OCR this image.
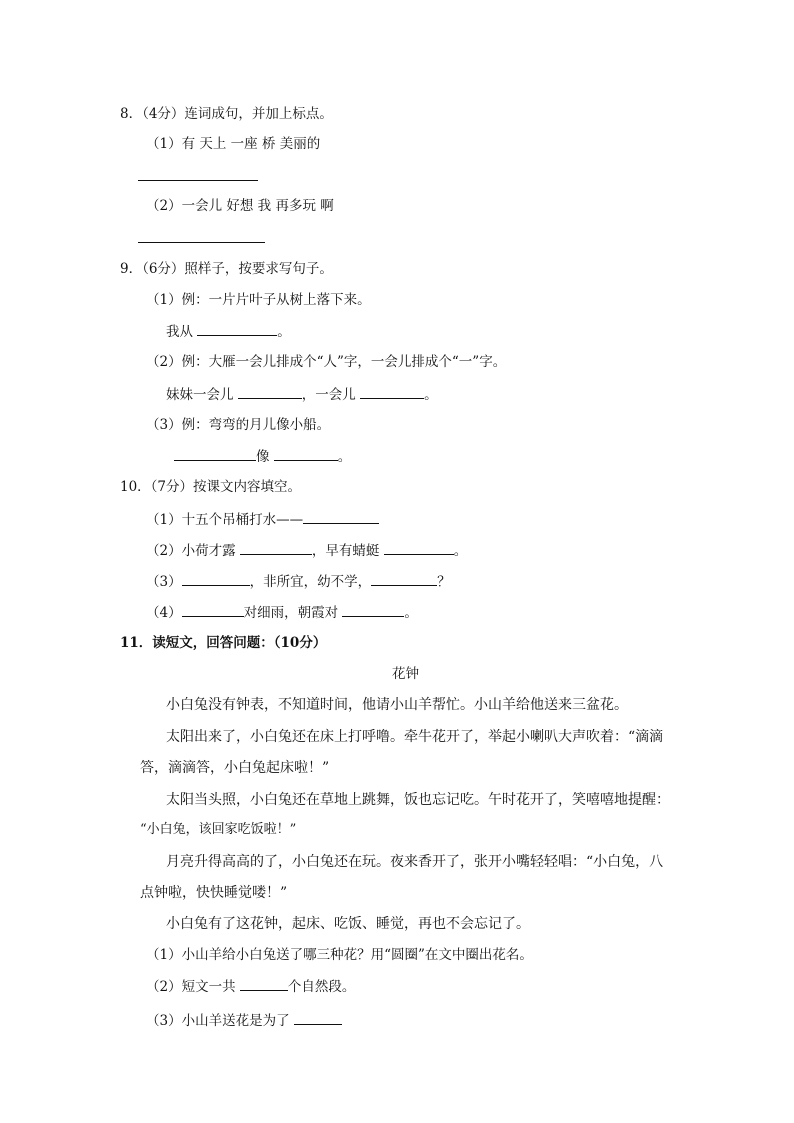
8．（4分）连词成句，并加上标点。
（1）有 天上 一座 桥 美丽的
（2）一会儿 好想 我 再多玩 啊
9．（6分）照样子，按要求写句子。
（1）例：一片片叶子从树上落下来。
我从	。
（2）例：大雁一会儿排成个“人”字，一会儿排成个“一”字。
妹妹一会儿	，一会儿	。
（3）例：弯弯的月儿像小船。
像	。
10．（7分）按课文内容填空。
（1）十五个吊桶打水——
（2）小荷才露	，早有蜻蜓	。
（3）	，非所宜，幼不学，	？
（4）	对细雨，朝霞对	。
11．读短文，回答问题：（10分）
花钟
小白兔没有钟表，不知道时间，他请小山羊帮忙。小山羊给他送来三盆花。
太阳出来了，小白兔还在床上打呼噜。牵牛花开了，举起小喇叭大声吹着：“滴滴
答，滴滴答，小白兔起床啦！”
太阳当头照，小白兔还在草地上跳舞，饭也忘记吃。午时花开了，笑嘻嘻地提醒：
“小白兔，该回家吃饭啦！”
月亮升得高高的了，小白兔还在玩。夜来香开了，张开小嘴轻轻唱：“小白兔，八
点钟啦，快快睡觉喽！”
小白兔有了这花钟，起床、吃饭、睡觉，再也不会忘记了。
（1）小山羊给小白兔送了哪三种花？用“圆圈”在文中圈出花名。
（2）短文一共	个自然段。
（3）小山羊送花是为了
